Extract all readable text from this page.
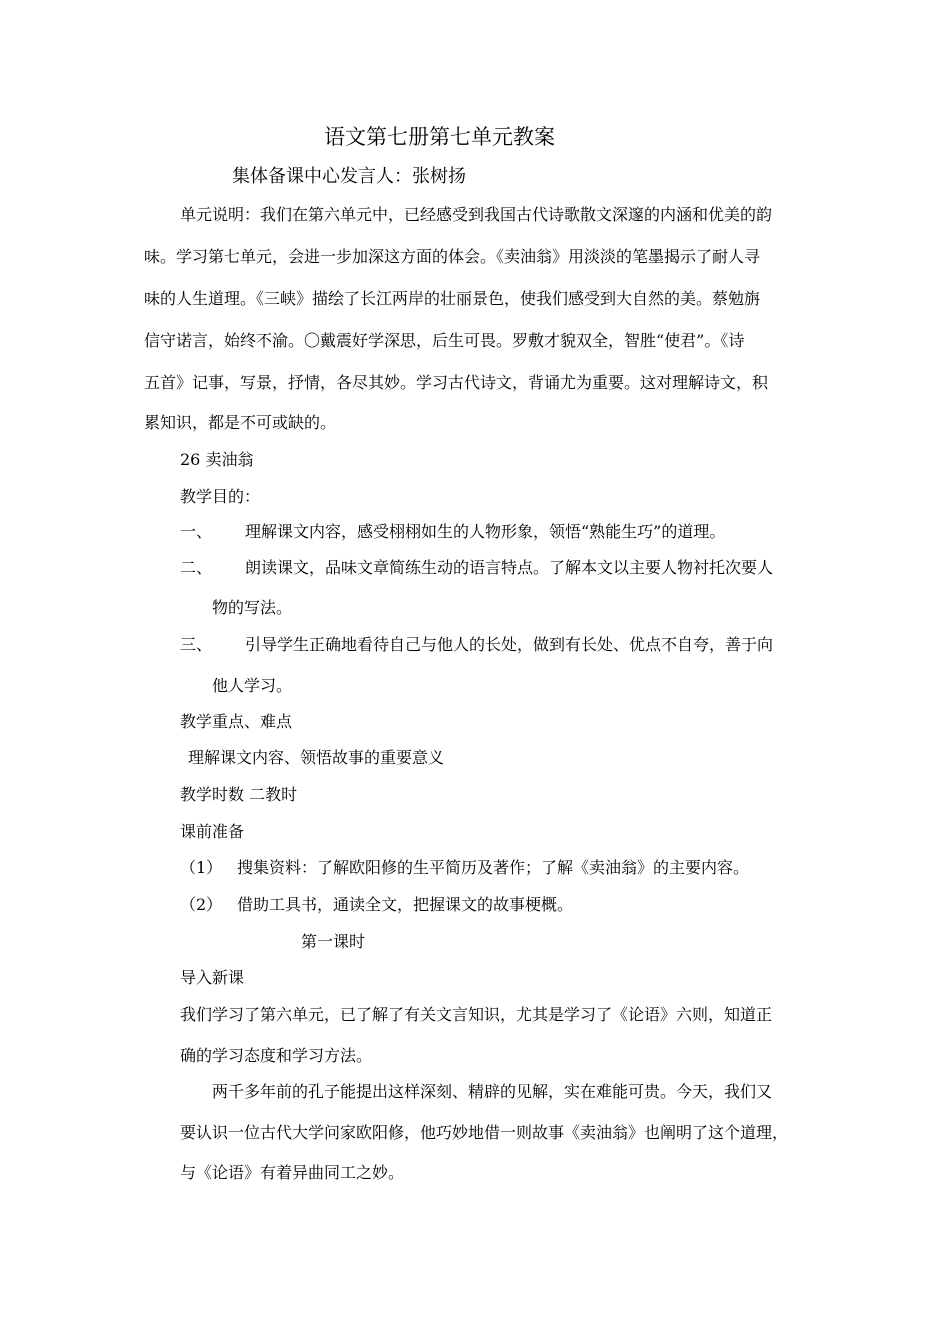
语文第七册第七单元教案
集体备课中心发言人：张树扬
单元说明：我们在第六单元中，已经感受到我国古代诗歌散文深邃的内涵和优美的韵
味。学习第七单元，会进一步加深这方面的体会。《卖油翁》用淡淡的笔墨揭示了耐人寻
味的人生道理。《三峡》描绘了长江两岸的壮丽景色，使我们感受到大自然的美。蔡勉旃
信守诺言，始终不渝。〇戴震好学深思，后生可畏。罗敷才貌双全，智胜“使君”。《诗
五首》记事，写景，抒情，各尽其妙。学习古代诗文，背诵尤为重要。这对理解诗文，积
累知识，都是不可或缺的。
26 卖油翁
教学目的：
一、 理解课文内容，感受栩栩如生的人物形象，领悟“熟能生巧”的道理。
二、 朗读课文，品味文章简练生动的语言特点。了解本文以主要人物衬托次要人
物的写法。
三、 引导学生正确地看待自己与他人的长处，做到有长处、优点不自夸，善于向
他人学习。
教学重点、难点
理解课文内容、领悟故事的重要意义
教学时数 二教时
课前准备
（1） 搜集资料：了解欧阳修的生平简历及著作；了解《卖油翁》的主要内容。
（2） 借助工具书，通读全文，把握课文的故事梗概。
第一课时
导入新课
我们学习了第六单元，已了解了有关文言知识，尤其是学习了《论语》六则，知道正
确的学习态度和学习方法。
两千多年前的孔子能提出这样深刻、精辟的见解，实在难能可贵。今天，我们又
要认识一位古代大学问家欧阳修，他巧妙地借一则故事《卖油翁》也阐明了这个道理，
与《论语》有着异曲同工之妙。
